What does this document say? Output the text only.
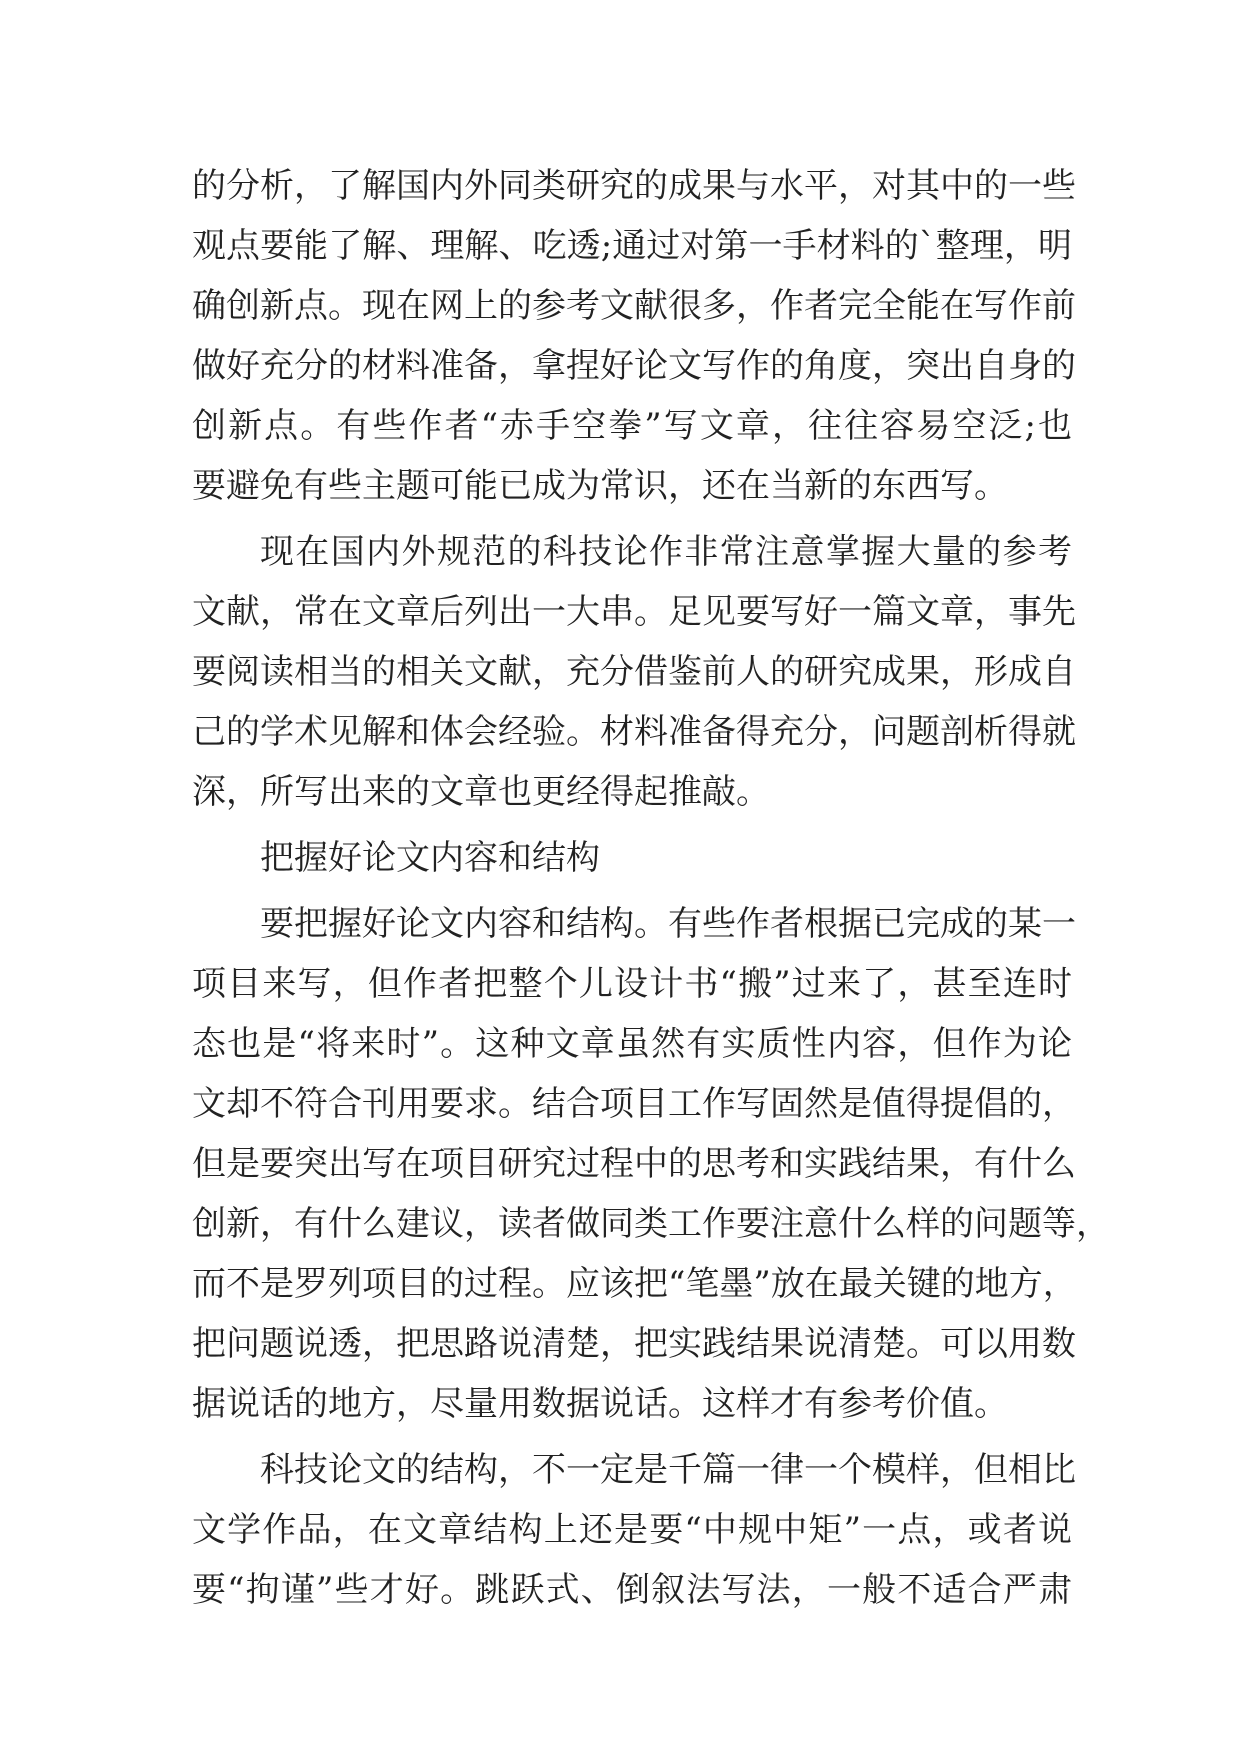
的分析，了解国内外同类研究的成果与水平，对其中的一些
观点要能了解、理解、吃透;通过对第一手材料的`整理，明
确创新点。现在网上的参考文献很多，作者完全能在写作前
做好充分的材料准备，拿捏好论文写作的角度，突出自身的
创新点。有些作者“赤手空拳”写文章，往往容易空泛;也
要避免有些主题可能已成为常识，还在当新的东西写。
现在国内外规范的科技论作非常注意掌握大量的参考
文献，常在文章后列出一大串。足见要写好一篇文章，事先
要阅读相当的相关文献，充分借鉴前人的研究成果，形成自
己的学术见解和体会经验。材料准备得充分，问题剖析得就
深，所写出来的文章也更经得起推敲。
把握好论文内容和结构
要把握好论文内容和结构。有些作者根据已完成的某一
项目来写，但作者把整个儿设计书“搬”过来了，甚至连时
态也是“将来时”。这种文章虽然有实质性内容，但作为论
文却不符合刊用要求。结合项目工作写固然是值得提倡的，
但是要突出写在项目研究过程中的思考和实践结果，有什么
创新，有什么建议，读者做同类工作要注意什么样的问题等，
而不是罗列项目的过程。应该把“笔墨”放在最关键的地方，
把问题说透，把思路说清楚，把实践结果说清楚。可以用数
据说话的地方，尽量用数据说话。这样才有参考价值。
科技论文的结构，不一定是千篇一律一个模样，但相比
文学作品，在文章结构上还是要“中规中矩”一点，或者说
要“拘谨”些才好。跳跃式、倒叙法写法，一般不适合严肃
